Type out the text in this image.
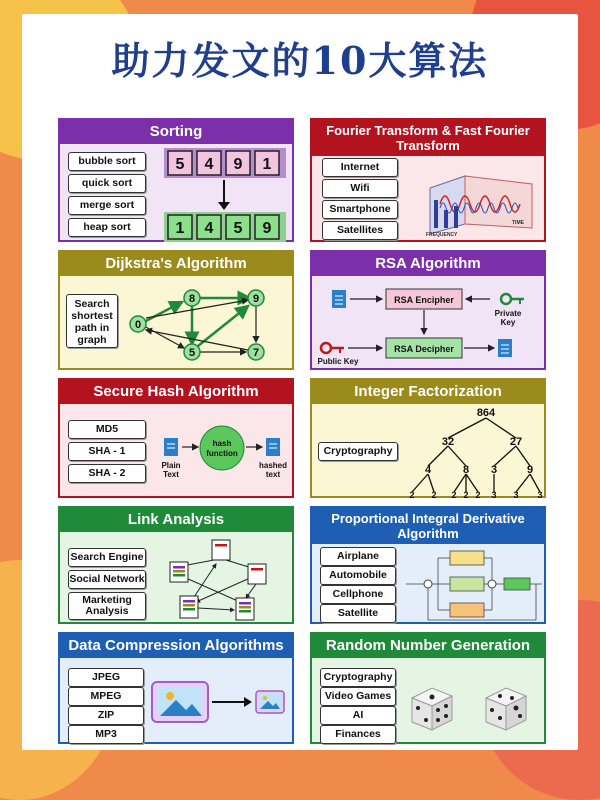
助力发文的10大算法
Sorting
bubble sort
quick sort
merge sort
heap sort
5 4 9 1
1 4 5 9
Fourier Transform & Fast Fourier Transform
Internet
Wifi
Smartphone
Satellites	FREQUENCY
TIME
Dijkstra's Algorithm
Search shortest path in graph
0
8	9
5	7
RSA Algorithm
RSA Encipher
Private Key
Public Key
RSA Decipher
Secure Hash Algorithm
MD5
SHA - 1
SHA - 2
hash function
Plain Text
hashed text
Integer Factorization
Cryptography
864
32	27
4	8 3	9
2 2 2 2 2 3 3 3
Link Analysis
Search Engine
Social Network
Marketing Analysis
Proportional Integral Derivative Algorithm
Airplane
Automobile
Cellphone
Satellite
Data Compression Algorithms
JPEG
MPEG
ZIP
MP3
Random Number Generation
Cryptography
Video Games
AI
Finances
